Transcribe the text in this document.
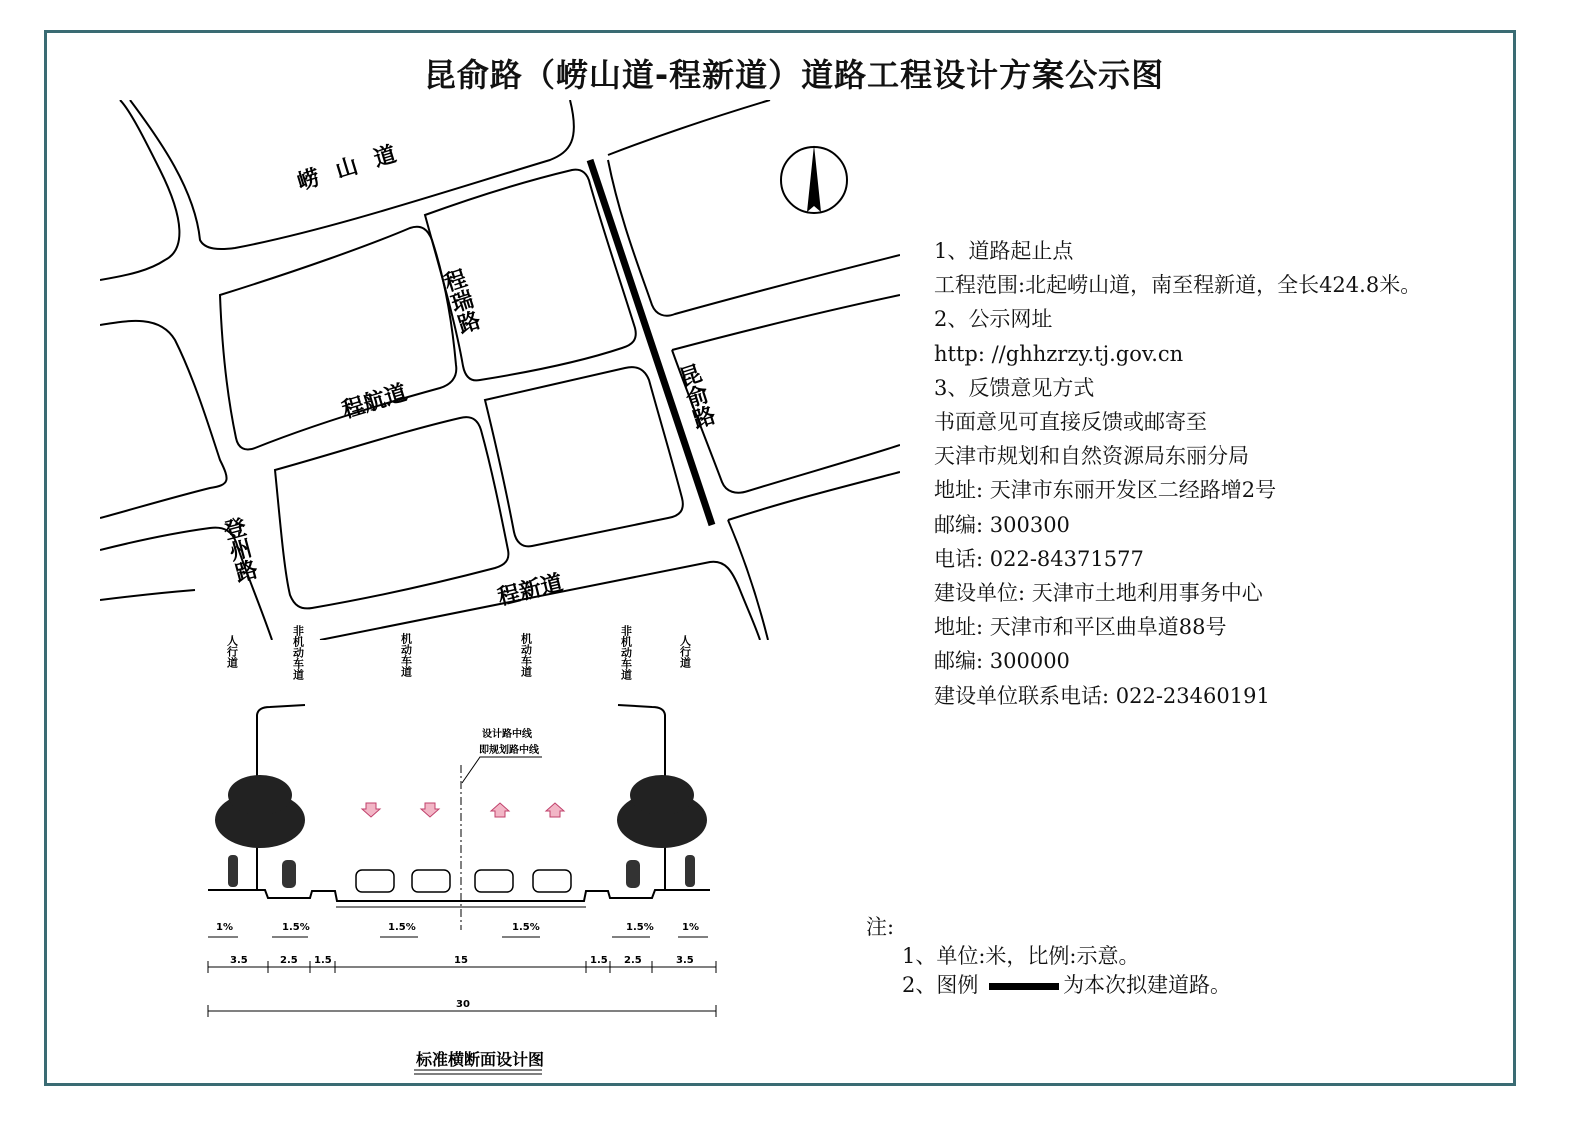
昆俞路（崂山道-程新道）道路工程设计方案公示图
崂山道
程瑞路
程航道	昆俞路
登州路
程新道
人行道	非机动车道	机动车道	机动车道	非机动车道	人行道
设计路中线
即规划路中线
1%	1.5%	1.5%	1.5%	1.5%	1%
3.5	2.5 1.5	15	1.5 2.5	3.5
30
标准横断面设计图
1、道路起止点
工程范围:北起崂山道，南至程新道，全长424.8米。
2、公示网址
http: //ghhzrzy.tj.gov.cn
3、反馈意见方式
书面意见可直接反馈或邮寄至
天津市规划和自然资源局东丽分局
地址: 天津市东丽开发区二经路增2号
邮编: 300300
电话: 022-84371577
建设单位: 天津市土地利用事务中心
地址: 天津市和平区曲阜道88号
邮编: 300000
建设单位联系电话: 022-23460191
注:
1、单位:米，比例:示意。
2、图例	为本次拟建道路。
